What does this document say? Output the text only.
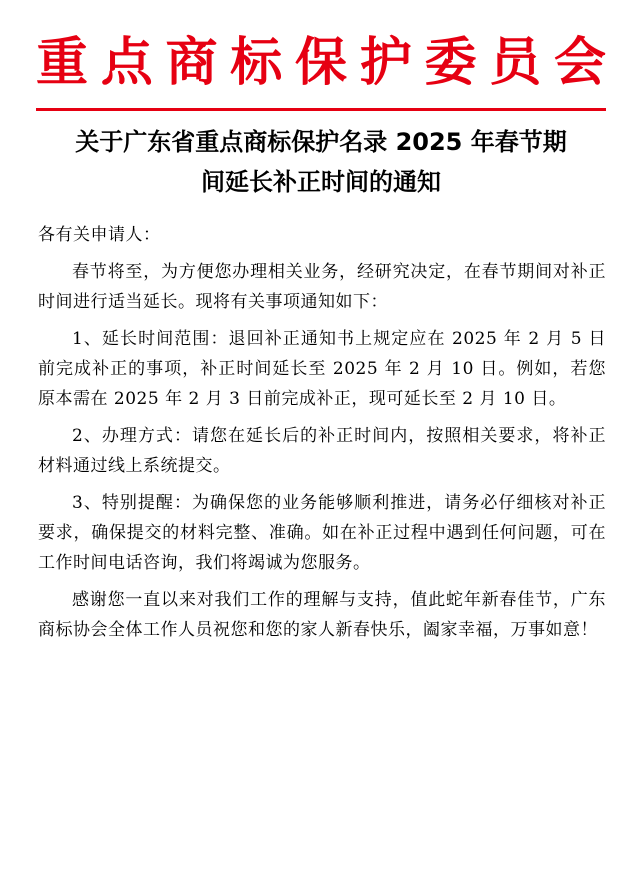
重点商标保护委员会
关于广东省重点商标保护名录 2025 年春节期
间延长补正时间的通知

各有关申请人：

春节将至，为方便您办理相关业务，经研究决定，在春节期间对补正时间进行适当延长。现将有关事项通知如下：

1、延长时间范围：退回补正通知书上规定应在 2025 年 2 月 5 日前完成补正的事项，补正时间延长至 2025 年 2 月 10 日。例如，若您原本需在 2025 年 2 月 3 日前完成补正，现可延长至 2 月 10 日。

2、办理方式：请您在延长后的补正时间内，按照相关要求，将补正材料通过线上系统提交。

3、特别提醒：为确保您的业务能够顺利推进，请务必仔细核对补正要求，确保提交的材料完整、准确。如在补正过程中遇到任何问题，可在工作时间电话咨询，我们将竭诚为您服务。

感谢您一直以来对我们工作的理解与支持，值此蛇年新春佳节，广东商标协会全体工作人员祝您和您的家人新春快乐，阖家幸福，万事如意！
